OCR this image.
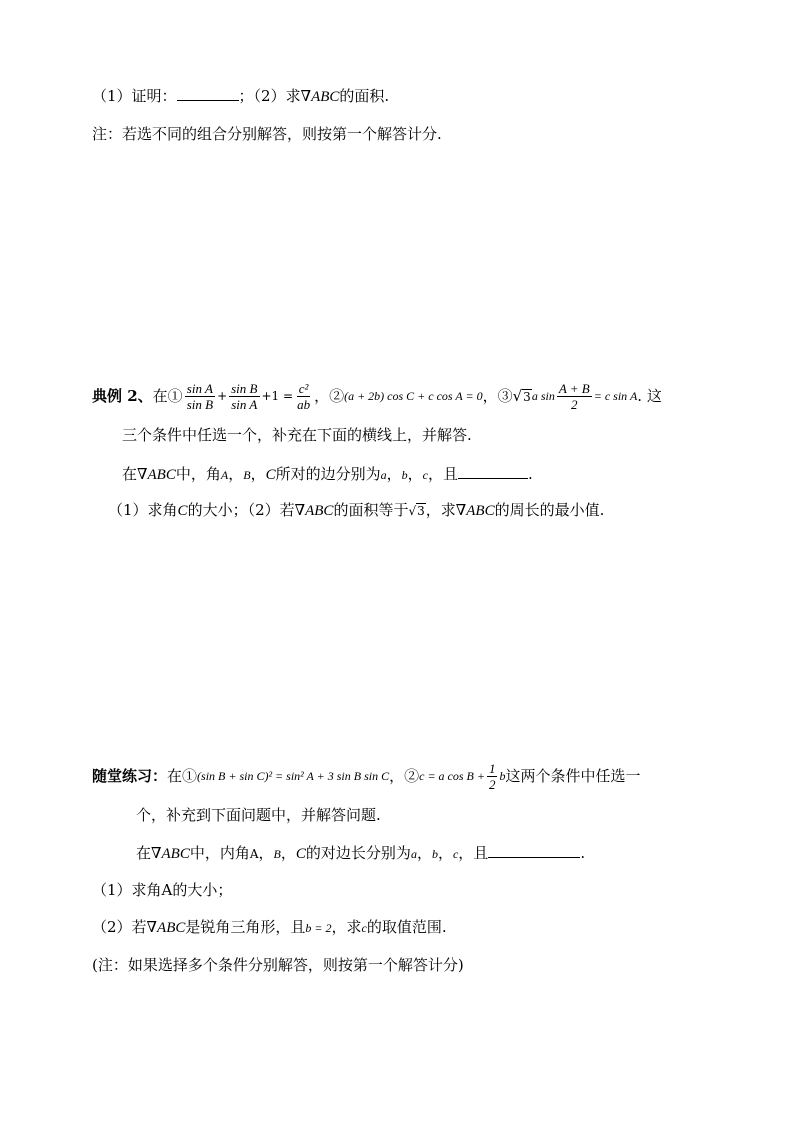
（1）证明：	；（2）求∇ABC的面积.
注：若选不同的组合分别解答，则按第一个解答计分.
典例 2、 在① $\frac{\text{sin A}}{\text{sin B}} + \frac{\text{sin B}}{\text{sin A}} +1 = \frac{\text{c²}}{ab}$ ，② (a + 2b) cos C + c cos A = 0 ，③ √3 a $\sin \frac{A + B}{2} = c$ sin A . 这
三个条件中任选一个，补充在下面的横线上，并解答.
在∇ABC中，角A，B，C所对的边分别为a，b，c，且	.
（1）求角C的大小；（2）若∇ABC的面积等于√3，求∇ABC的周长的最小值.
随堂练习： 在① (sin B + sin C)² = sin² A + 3 sin B sin C ，② c = a $\cos B + \frac{1}{2}$ b 这两个条件中任选一
个，补充到下面问题中，并解答问题.
在∇ABC中，内角A，B，C的对边长分别为a，b，c，且	.
（1）求角A的大小；
（2）若∇ABC是锐角三角形，且b = 2，求c的取值范围.
(注：如果选择多个条件分别解答，则按第一个解答计分)
